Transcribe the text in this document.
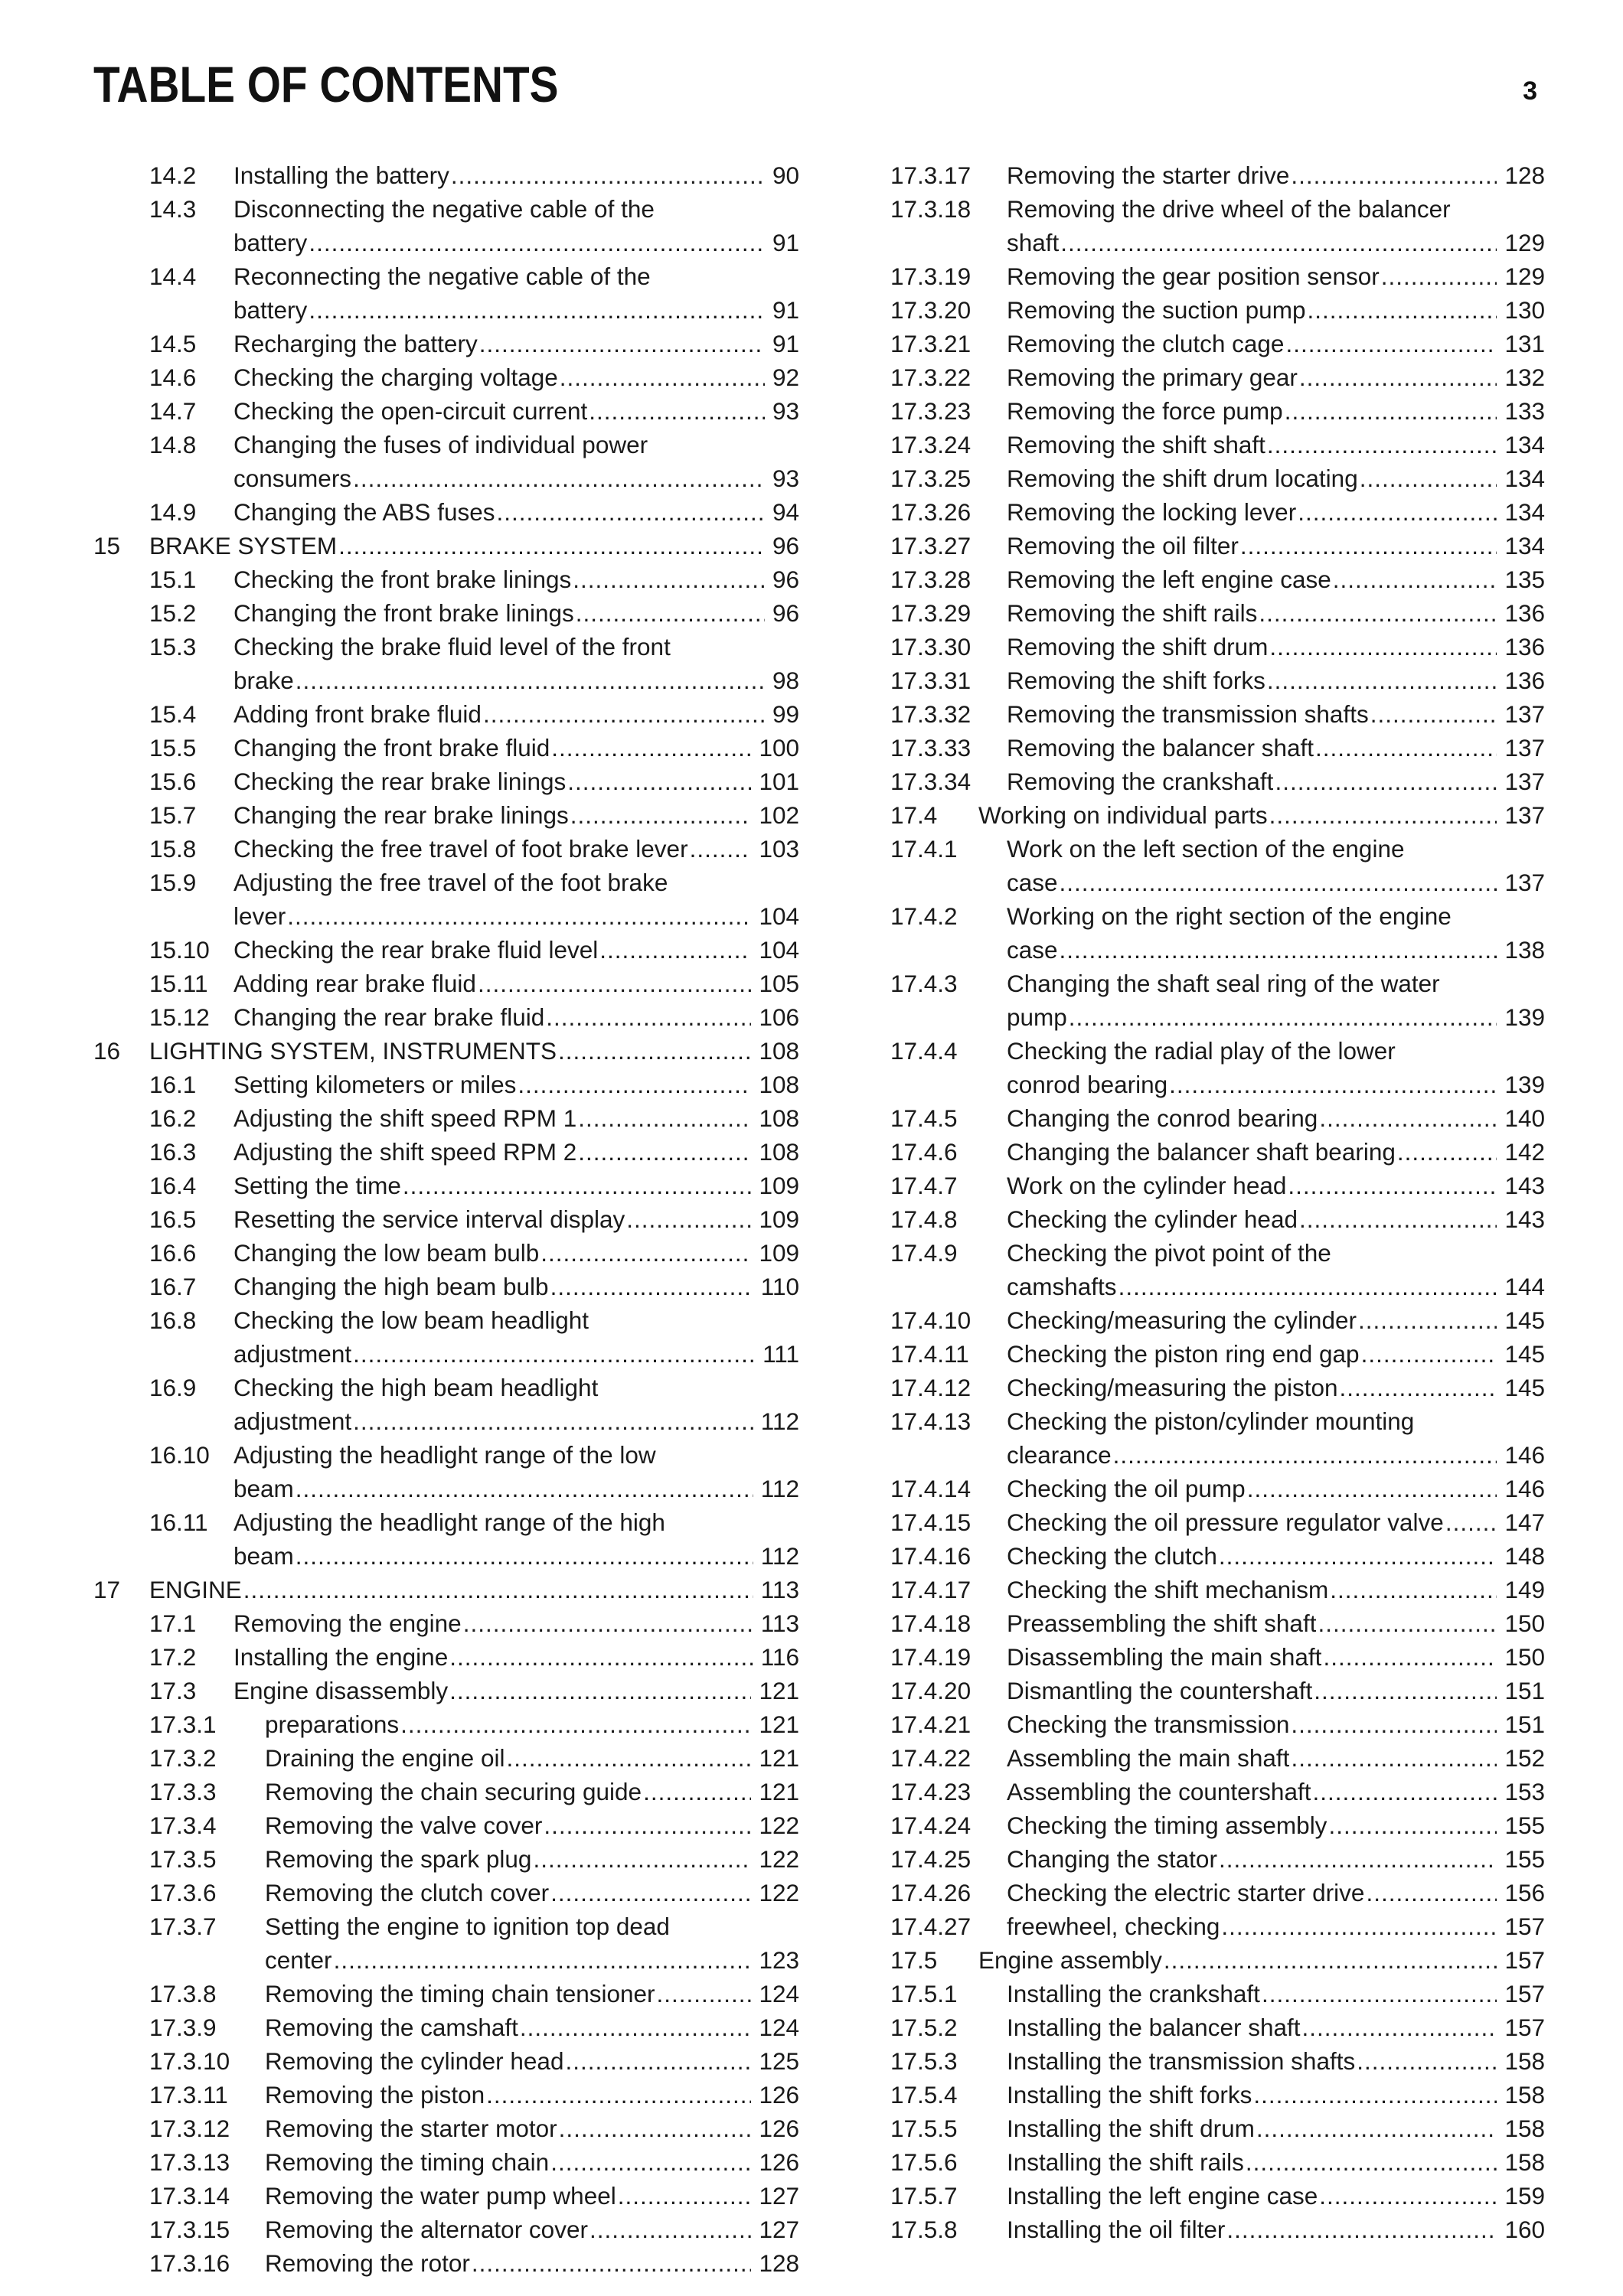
TABLE OF CONTENTS	3
14.2 Installing the battery .....	90
14.3 Disconnecting the negative cable of the
battery .....	91
14.4 Reconnecting the negative cable of the
battery .....	91
14.5 Recharging the battery .....	91
14.6 Checking the charging voltage .....	92
14.7 Checking the open-circuit current .....	93
14.8 Changing the fuses of individual power
consumers .....	93
14.9 Changing the ABS fuses .....	94
15 BRAKE SYSTEM .....	96
15.1 Checking the front brake linings .....	96
15.2 Changing the front brake linings .....	96
15.3 Checking the brake fluid level of the front
brake .....	98
15.4 Adding front brake fluid .....	99
15.5 Changing the front brake fluid .....	100
15.6 Checking the rear brake linings .....	101
15.7 Changing the rear brake linings .....	102
15.8 Checking the free travel of foot brake lever .....	103
15.9 Adjusting the free travel of the foot brake
lever .....	104
15.10 Checking the rear brake fluid level .....	104
15.11 Adding rear brake fluid .....	105
15.12 Changing the rear brake fluid .....	106
16 LIGHTING SYSTEM, INSTRUMENTS .....	108
16.1 Setting kilometers or miles .....	108
16.2 Adjusting the shift speed RPM 1 .....	108
16.3 Adjusting the shift speed RPM 2 .....	108
16.4 Setting the time .....	109
16.5 Resetting the service interval display .....	109
16.6 Changing the low beam bulb .....	109
16.7 Changing the high beam bulb .....	110
16.8 Checking the low beam headlight
adjustment .....	111
16.9 Checking the high beam headlight
adjustment .....	112
16.10 Adjusting the headlight range of the low
beam .....	112
16.11 Adjusting the headlight range of the high
beam .....	112
17 ENGINE .....	113
17.1 Removing the engine .....	113
17.2 Installing the engine .....	116
17.3 Engine disassembly .....	121
17.3.1 preparations .....	121
17.3.2 Draining the engine oil .....	121
17.3.3 Removing the chain securing guide .....	121
17.3.4 Removing the valve cover .....	122
17.3.5 Removing the spark plug .....	122
17.3.6 Removing the clutch cover .....	122
17.3.7 Setting the engine to ignition top dead
center .....	123
17.3.8 Removing the timing chain tensioner .....	124
17.3.9 Removing the camshaft .....	124
17.3.10 Removing the cylinder head .....	125
17.3.11 Removing the piston .....	126
17.3.12 Removing the starter motor .....	126
17.3.13 Removing the timing chain .....	126
17.3.14 Removing the water pump wheel .....	127
17.3.15 Removing the alternator cover .....	127
17.3.16 Removing the rotor .....	128
17.3.17 Removing the starter drive .....	128
17.3.18 Removing the drive wheel of the balancer
shaft .....	129
17.3.19 Removing the gear position sensor .....	129
17.3.20 Removing the suction pump .....	130
17.3.21 Removing the clutch cage .....	131
17.3.22 Removing the primary gear .....	132
17.3.23 Removing the force pump .....	133
17.3.24 Removing the shift shaft .....	134
17.3.25 Removing the shift drum locating .....	134
17.3.26 Removing the locking lever .....	134
17.3.27 Removing the oil filter .....	134
17.3.28 Removing the left engine case .....	135
17.3.29 Removing the shift rails .....	136
17.3.30 Removing the shift drum .....	136
17.3.31 Removing the shift forks .....	136
17.3.32 Removing the transmission shafts .....	137
17.3.33 Removing the balancer shaft .....	137
17.3.34 Removing the crankshaft .....	137
17.4 Working on individual parts .....	137
17.4.1 Work on the left section of the engine
case .....	137
17.4.2 Working on the right section of the engine
case .....	138
17.4.3 Changing the shaft seal ring of the water
pump .....	139
17.4.4 Checking the radial play of the lower
conrod bearing .....	139
17.4.5 Changing the conrod bearing .....	140
17.4.6 Changing the balancer shaft bearing .....	142
17.4.7 Work on the cylinder head .....	143
17.4.8 Checking the cylinder head .....	143
17.4.9 Checking the pivot point of the
camshafts .....	144
17.4.10 Checking/measuring the cylinder .....	145
17.4.11 Checking the piston ring end gap .....	145
17.4.12 Checking/measuring the piston .....	145
17.4.13 Checking the piston/cylinder mounting
clearance .....	146
17.4.14 Checking the oil pump .....	146
17.4.15 Checking the oil pressure regulator valve .....	147
17.4.16 Checking the clutch .....	148
17.4.17 Checking the shift mechanism .....	149
17.4.18 Preassembling the shift shaft .....	150
17.4.19 Disassembling the main shaft .....	150
17.4.20 Dismantling the countershaft .....	151
17.4.21 Checking the transmission .....	151
17.4.22 Assembling the main shaft .....	152
17.4.23 Assembling the countershaft .....	153
17.4.24 Checking the timing assembly .....	155
17.4.25 Changing the stator .....	155
17.4.26 Checking the electric starter drive .....	156
17.4.27 freewheel, checking .....	157
17.5 Engine assembly .....	157
17.5.1 Installing the crankshaft .....	157
17.5.2 Installing the balancer shaft .....	157
17.5.3 Installing the transmission shafts .....	158
17.5.4 Installing the shift forks .....	158
17.5.5 Installing the shift drum .....	158
17.5.6 Installing the shift rails .....	158
17.5.7 Installing the left engine case .....	159
17.5.8 Installing the oil filter .....	160
